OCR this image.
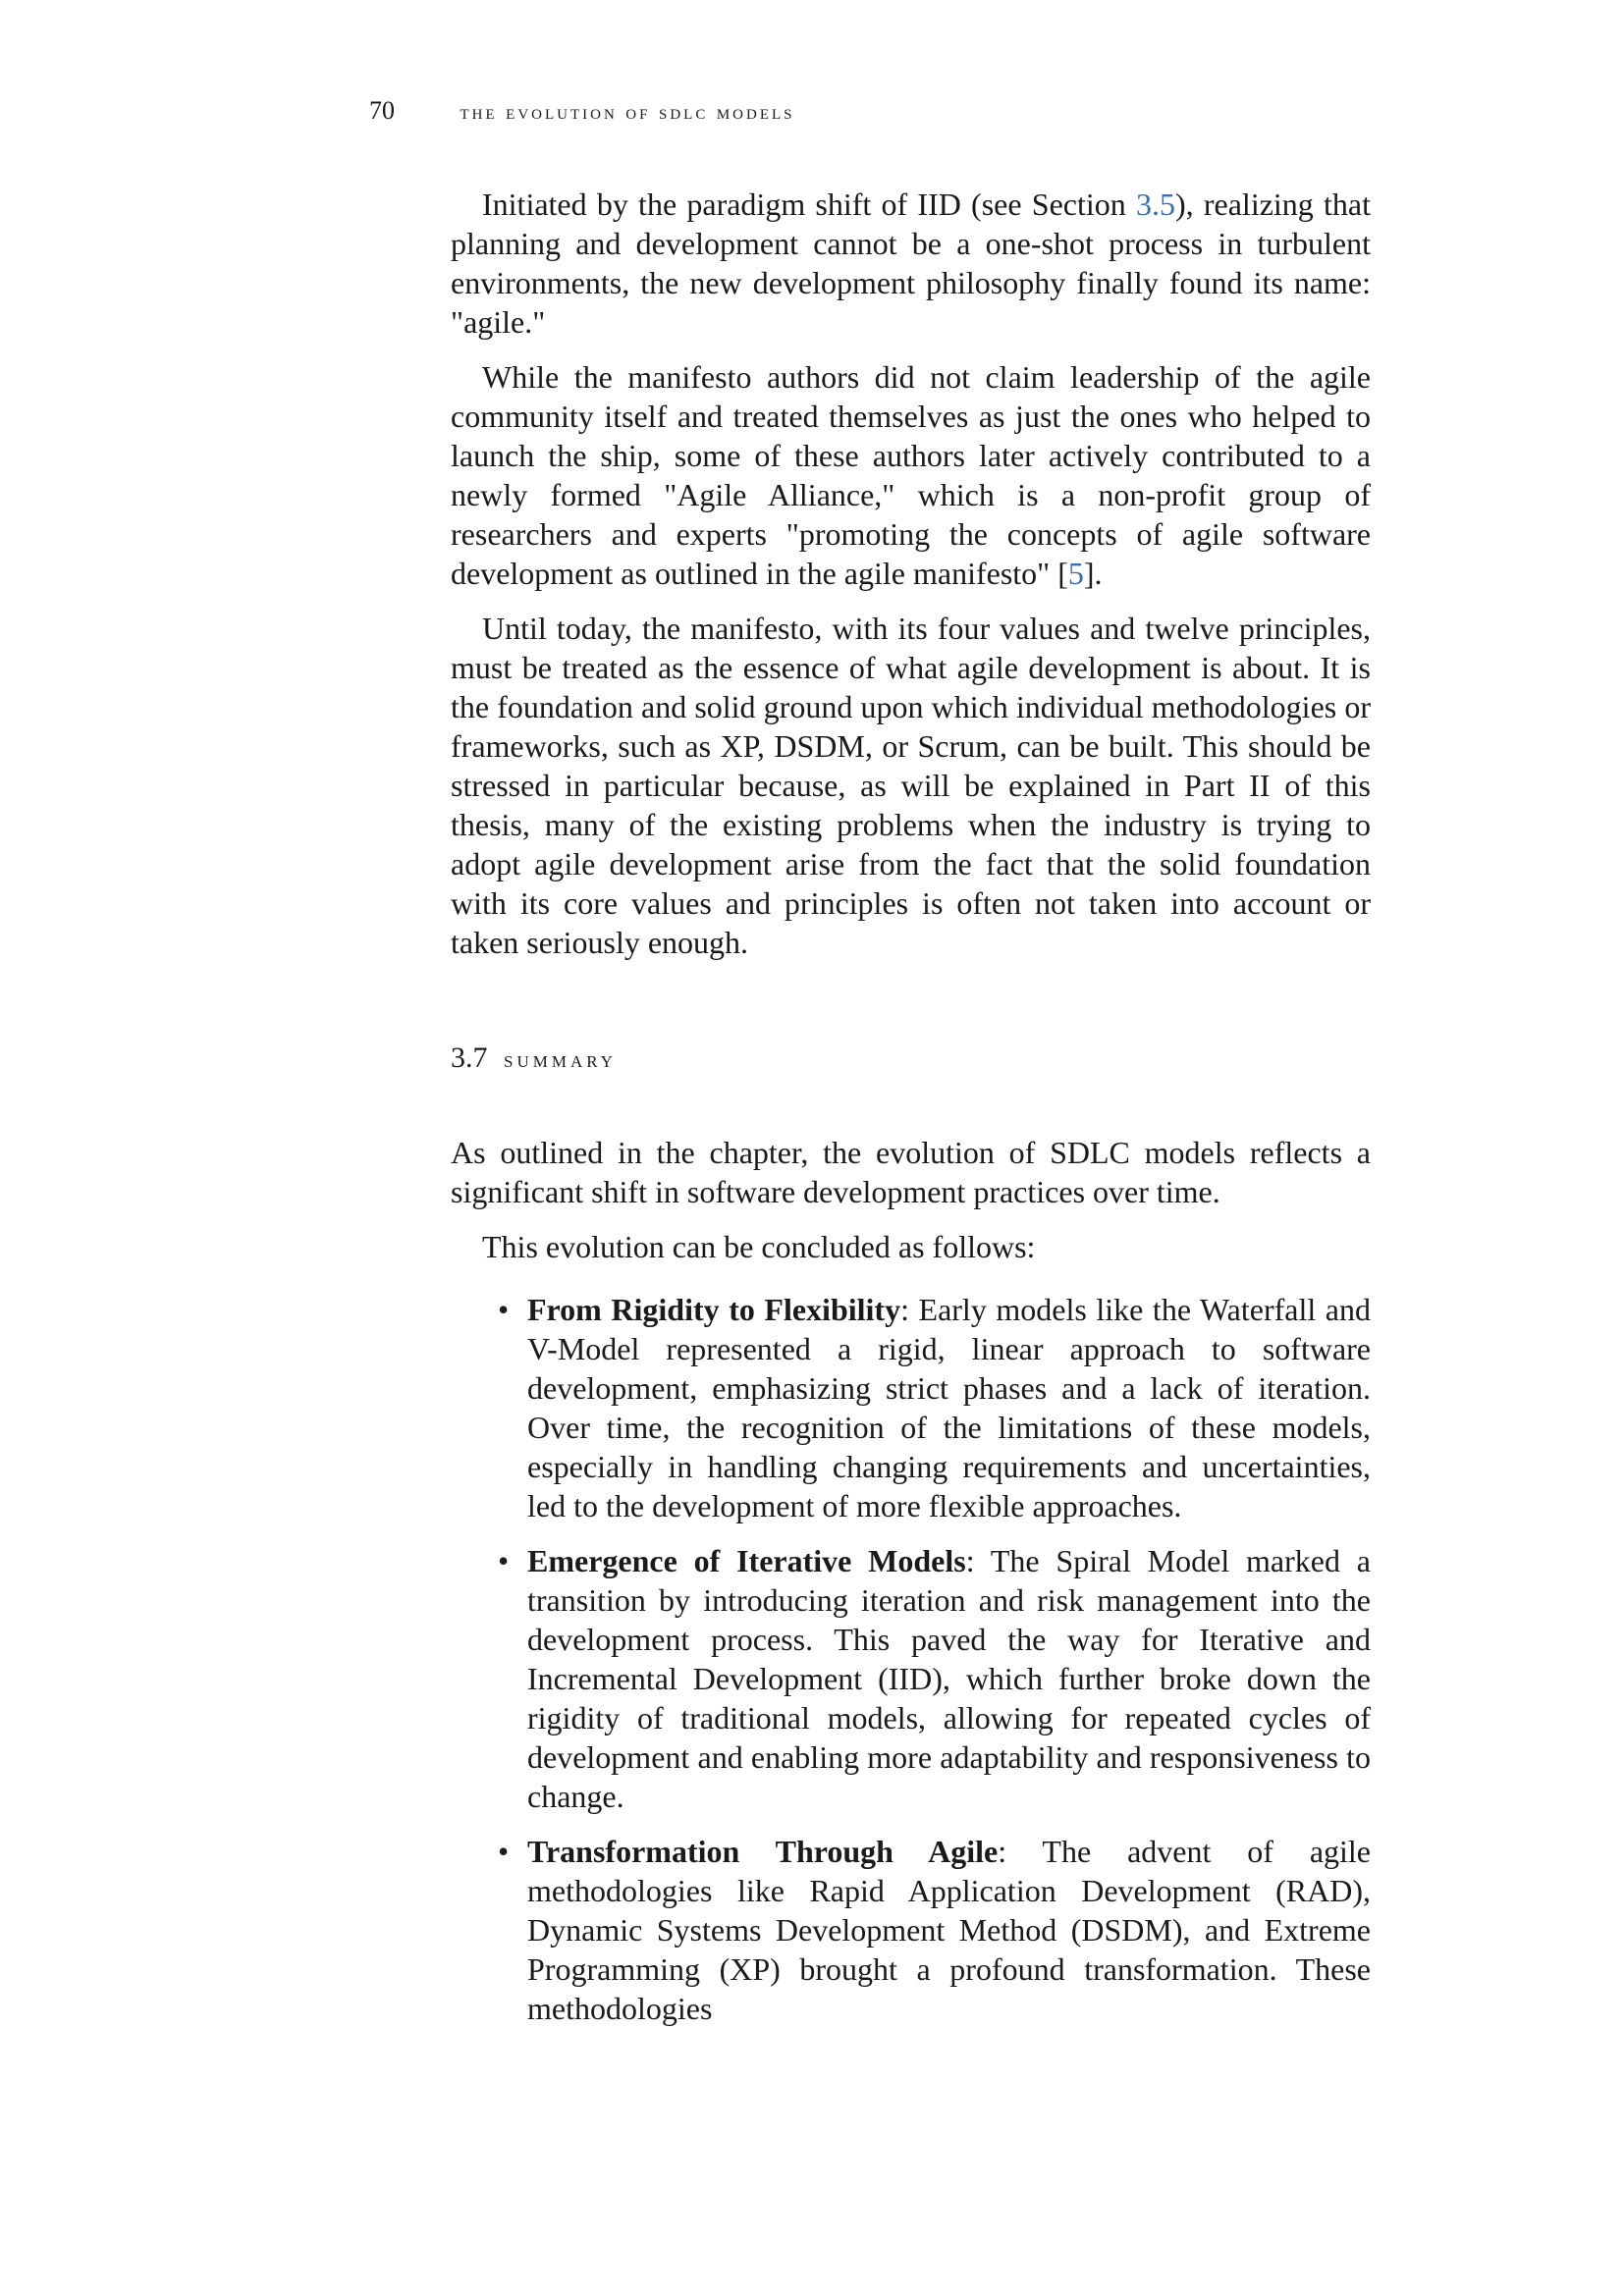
70	the evolution of sdlc models

Initiated by the paradigm shift of IID (see Section 3.5), realizing that planning and development cannot be a one-shot process in turbulent environments, the new development philosophy finally found its name: "agile."

While the manifesto authors did not claim leadership of the agile community itself and treated themselves as just the ones who helped to launch the ship, some of these authors later actively contributed to a newly formed "Agile Alliance," which is a non-profit group of researchers and experts "promoting the concepts of agile software development as outlined in the agile manifesto" [5].

Until today, the manifesto, with its four values and twelve principles, must be treated as the essence of what agile development is about. It is the foundation and solid ground upon which individual methodologies or frameworks, such as XP, DSDM, or Scrum, can be built. This should be stressed in particular because, as will be explained in Part II of this thesis, many of the existing problems when the industry is trying to adopt agile development arise from the fact that the solid foundation with its core values and principles is often not taken into account or taken seriously enough.

3.7 summary

As outlined in the chapter, the evolution of SDLC models reflects a significant shift in software development practices over time.

This evolution can be concluded as follows:

• From Rigidity to Flexibility: Early models like the Waterfall and V-Model represented a rigid, linear approach to software development, emphasizing strict phases and a lack of iteration. Over time, the recognition of the limitations of these models, especially in handling changing requirements and uncertainties, led to the development of more flexible approaches.
• Emergence of Iterative Models: The Spiral Model marked a transition by introducing iteration and risk management into the development process. This paved the way for Iterative and Incremental Development (IID), which further broke down the rigidity of traditional models, allowing for repeated cycles of development and enabling more adaptability and responsiveness to change.
• Transformation Through Agile: The advent of agile methodologies like Rapid Application Development (RAD), Dynamic Systems Development Method (DSDM), and Extreme Programming (XP) brought a profound transformation. These methodologies
